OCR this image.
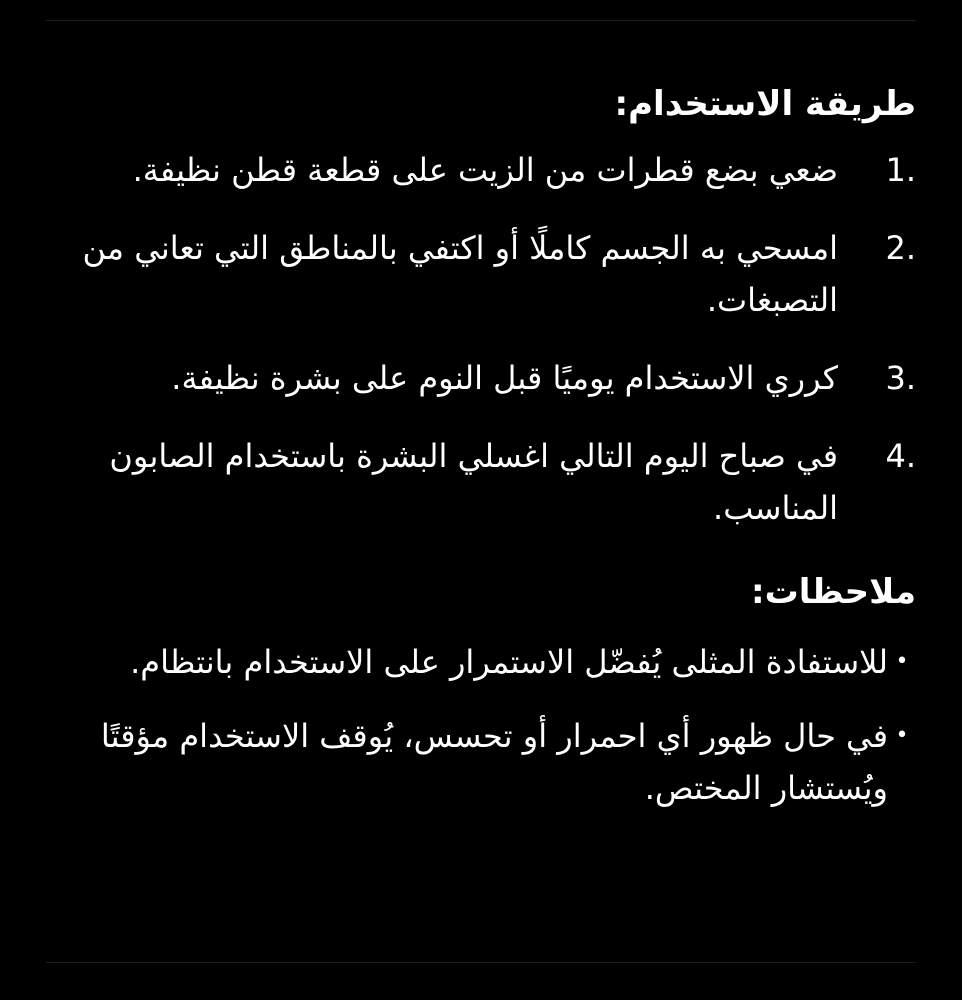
طريقة الاستخدام:
1.
ضعي بضع قطرات من الزيت على قطعة قطن نظيفة.
2.
امسحي به الجسم كاملًا أو اكتفي بالمناطق التي تعاني من التصبغات.
3.
كرري الاستخدام يوميًا قبل النوم على بشرة نظيفة.
4.
في صباح اليوم التالي اغسلي البشرة باستخدام الصابون المناسب.
ملاحظات:
•
للاستفادة المثلى يُفضّل الاستمرار على الاستخدام بانتظام.
•
في حال ظهور أي احمرار أو تحسس، يُوقف الاستخدام مؤقتًا ويُستشار المختص.
